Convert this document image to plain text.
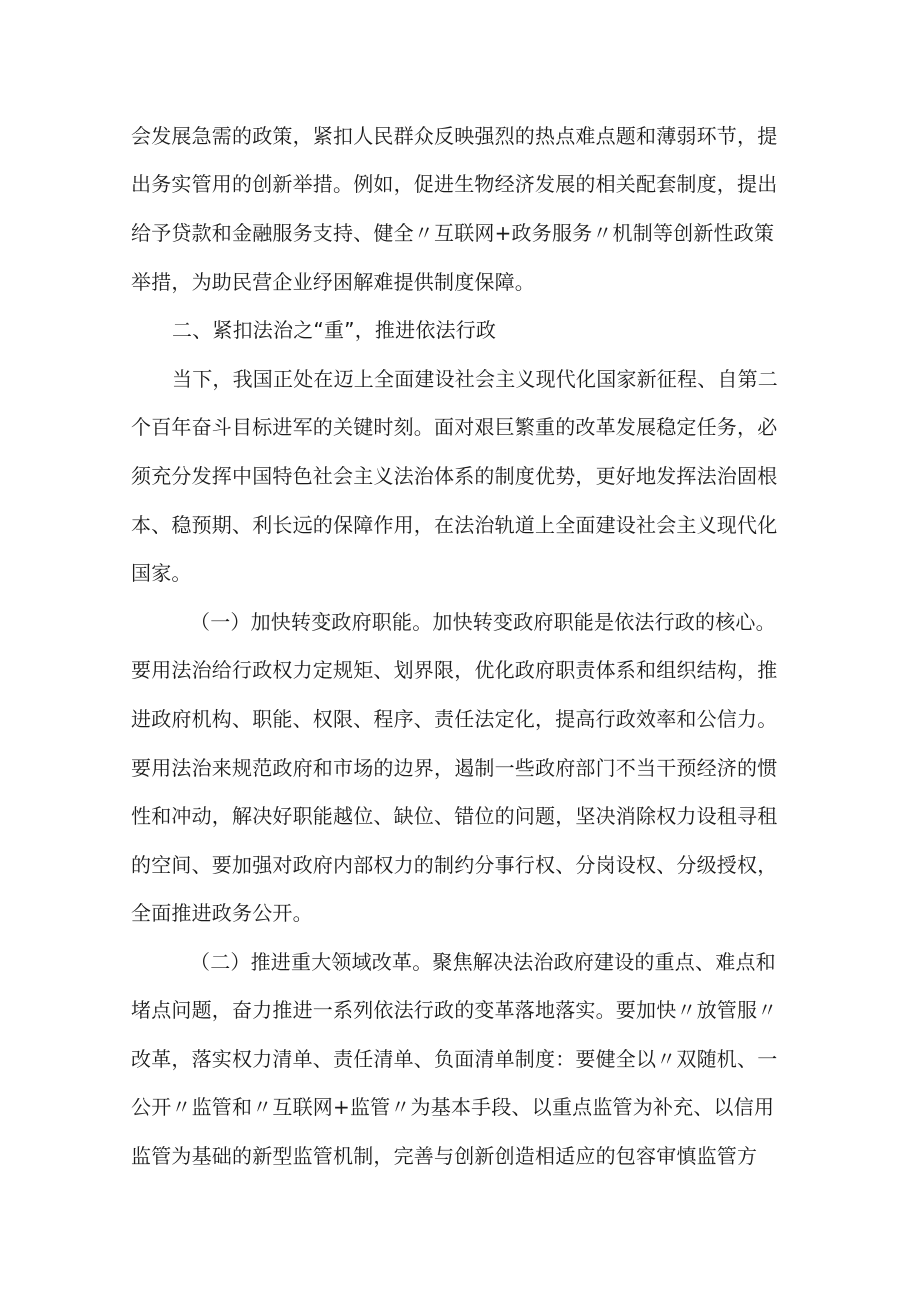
会发展急需的政策，紧扣人民群众反映强烈的热点难点题和薄弱环节，提
出务实管用的创新举措。例如，促进生物经济发展的相关配套制度，提出
给予贷款和金融服务支持、健全〃互联网+政务服务〃机制等创新性政策
举措，为助民营企业纾困解难提供制度保障。
二、紧扣法治之“重”，推进依法行政
当下，我国正处在迈上全面建设社会主义现代化国家新征程、自第二
个百年奋斗目标进军的关键时刻。面对艰巨繁重的改革发展稳定任务，必
须充分发挥中国特色社会主义法治体系的制度优势，更好地发挥法治固根
本、稳预期、利长远的保障作用，在法治轨道上全面建设社会主义现代化
国家。
（一）加快转变政府职能。加快转变政府职能是依法行政的核心。
要用法治给行政权力定规矩、划界限，优化政府职责体系和组织结构，推
进政府机构、职能、权限、程序、责任法定化，提高行政效率和公信力。
要用法治来规范政府和市场的边界，遏制一些政府部门不当干预经济的惯
性和冲动，解决好职能越位、缺位、错位的问题，坚决消除权力设租寻租
的空间、要加强对政府内部权力的制约分事行权、分岗设权、分级授权，
全面推进政务公开。
（二）推进重大领域改革。聚焦解决法治政府建设的重点、难点和
堵点问题，奋力推进一系列依法行政的变革落地落实。要加快〃放管服〃
改革，落实权力清单、责任清单、负面清单制度：要健全以〃双随机、一
公开〃监管和〃互联网+监管〃为基本手段、以重点监管为补充、以信用
监管为基础的新型监管机制，完善与创新创造相适应的包容审慎监管方
